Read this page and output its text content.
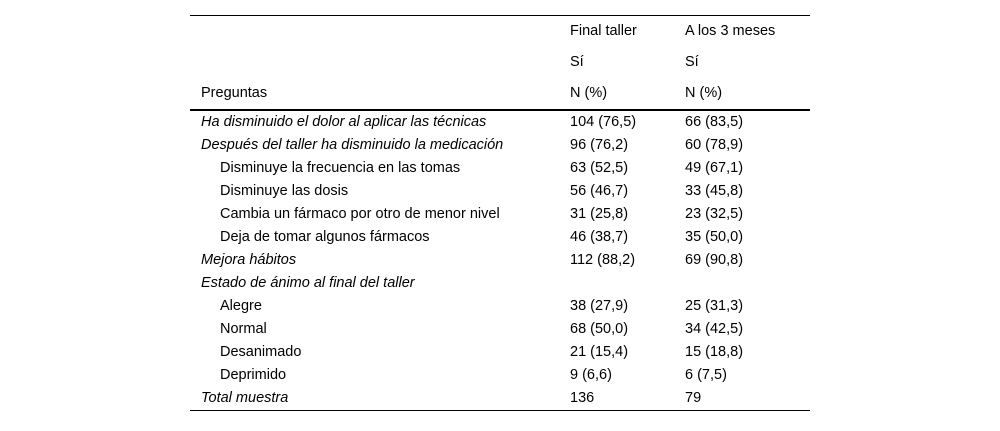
	Final taller	A los 3 meses
	Sí	Sí
Preguntas	N (%)	N (%)
Ha disminuido el dolor al aplicar las técnicas	104 (76,5)	66 (83,5)
Después del taller ha disminuido la medicación	96 (76,2)	60 (78,9)
Disminuye la frecuencia en las tomas	63 (52,5)	49 (67,1)
Disminuye las dosis	56 (46,7)	33 (45,8)
Cambia un fármaco por otro de menor nivel	31 (25,8)	23 (32,5)
Deja de tomar algunos fármacos	46 (38,7)	35 (50,0)
Mejora hábitos	112 (88,2)	69 (90,8)
Estado de ánimo al final del taller		
Alegre	38 (27,9)	25 (31,3)
Normal	68 (50,0)	34 (42,5)
Desanimado	21 (15,4)	15 (18,8)
Deprimido	9 (6,6)	6 (7,5)
Total muestra	136	79
